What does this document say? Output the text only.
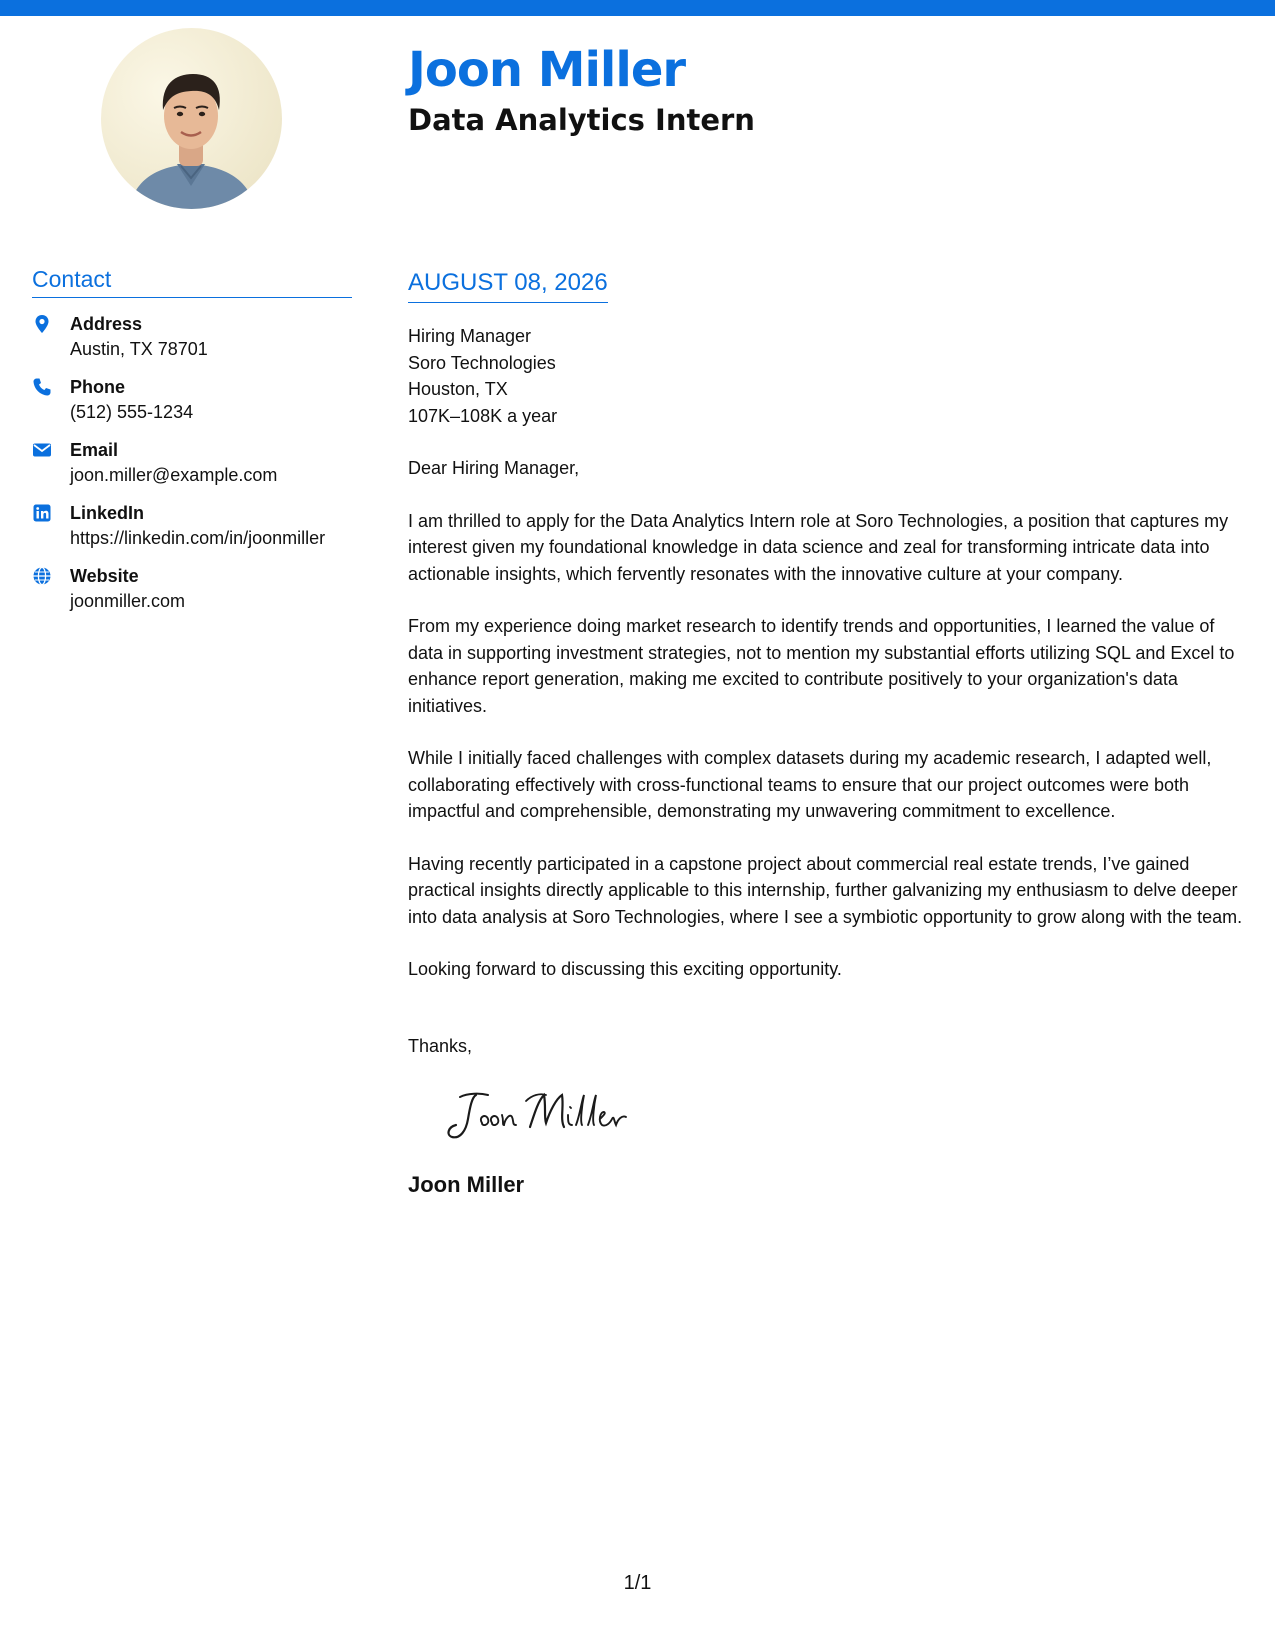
Joon Miller
Data Analytics Intern
Contact
Address
Austin, TX 78701
Phone
(512) 555-1234
Email
joon.miller@example.com
LinkedIn
https://linkedin.com/in/joonmiller
Website
joonmiller.com
AUGUST 08, 2026
Hiring Manager
Soro Technologies
Houston, TX
107K–108K a year
Dear Hiring Manager,
I am thrilled to apply for the Data Analytics Intern role at Soro Technologies, a position that captures my interest given my foundational knowledge in data science and zeal for transforming intricate data into actionable insights, which fervently resonates with the innovative culture at your company.
From my experience doing market research to identify trends and opportunities, I learned the value of data in supporting investment strategies, not to mention my substantial efforts utilizing SQL and Excel to enhance report generation, making me excited to contribute positively to your organization's data initiatives.
While I initially faced challenges with complex datasets during my academic research, I adapted well, collaborating effectively with cross-functional teams to ensure that our project outcomes were both impactful and comprehensible, demonstrating my unwavering commitment to excellence.
Having recently participated in a capstone project about commercial real estate trends, I’ve gained practical insights directly applicable to this internship, further galvanizing my enthusiasm to delve deeper into data analysis at Soro Technologies, where I see a symbiotic opportunity to grow along with the team.
Looking forward to discussing this exciting opportunity.
Thanks,
Joon Miller
1/1
